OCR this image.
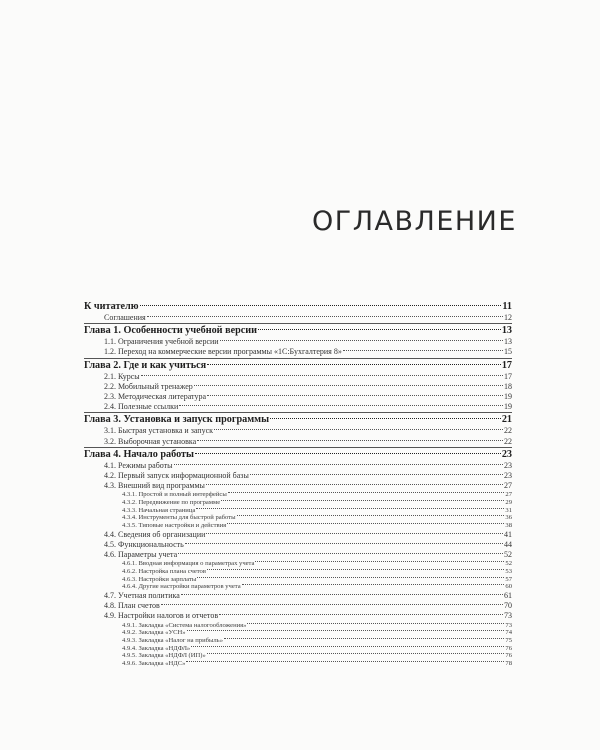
ОГЛАВЛЕНИЕ
К читателю	11
Соглашения	12
Глава 1. Особенности учебной версии	13
1.1. Ограничения учебной версии	13
1.2. Переход на коммерческие версии программы «1С:Бухгалтерия 8»	15
Глава 2. Где и как учиться	17
2.1. Курсы	17
2.2. Мобильный тренажер	18
2.3. Методическая литература	19
2.4. Полезные ссылки	19
Глава 3. Установка и запуск программы	21
3.1. Быстрая установка и запуск	22
3.2. Выборочная установка	22
Глава 4. Начало работы	23
4.1. Режимы работы	23
4.2. Первый запуск информационной базы	23
4.3. Внешний вид программы	27
4.3.1. Простой и полный интерфейсы	27
4.3.2. Передвижение по программе	29
4.3.3. Начальная страница	31
4.3.4. Инструменты для быстрой работы	36
4.3.5. Типовые настройки и действия	38
4.4. Сведения об организации	41
4.5. Функциональность	44
4.6. Параметры учета	52
4.6.1. Вводная информация о параметрах учета	52
4.6.2. Настройка плана счетов	53
4.6.3. Настройки зарплаты	57
4.6.4. Другие настройки параметров учета	60
4.7. Учетная политика	61
4.8. План счетов	70
4.9. Настройки налогов и отчетов	73
4.9.1. Закладка «Система налогообложения»	73
4.9.2. Закладка «УСН»	74
4.9.3. Закладка «Налог на прибыль»	75
4.9.4. Закладка «НДФЛ»	76
4.9.5. Закладка «НДФЛ (ИП)»	76
4.9.6. Закладка «НДС»	78
